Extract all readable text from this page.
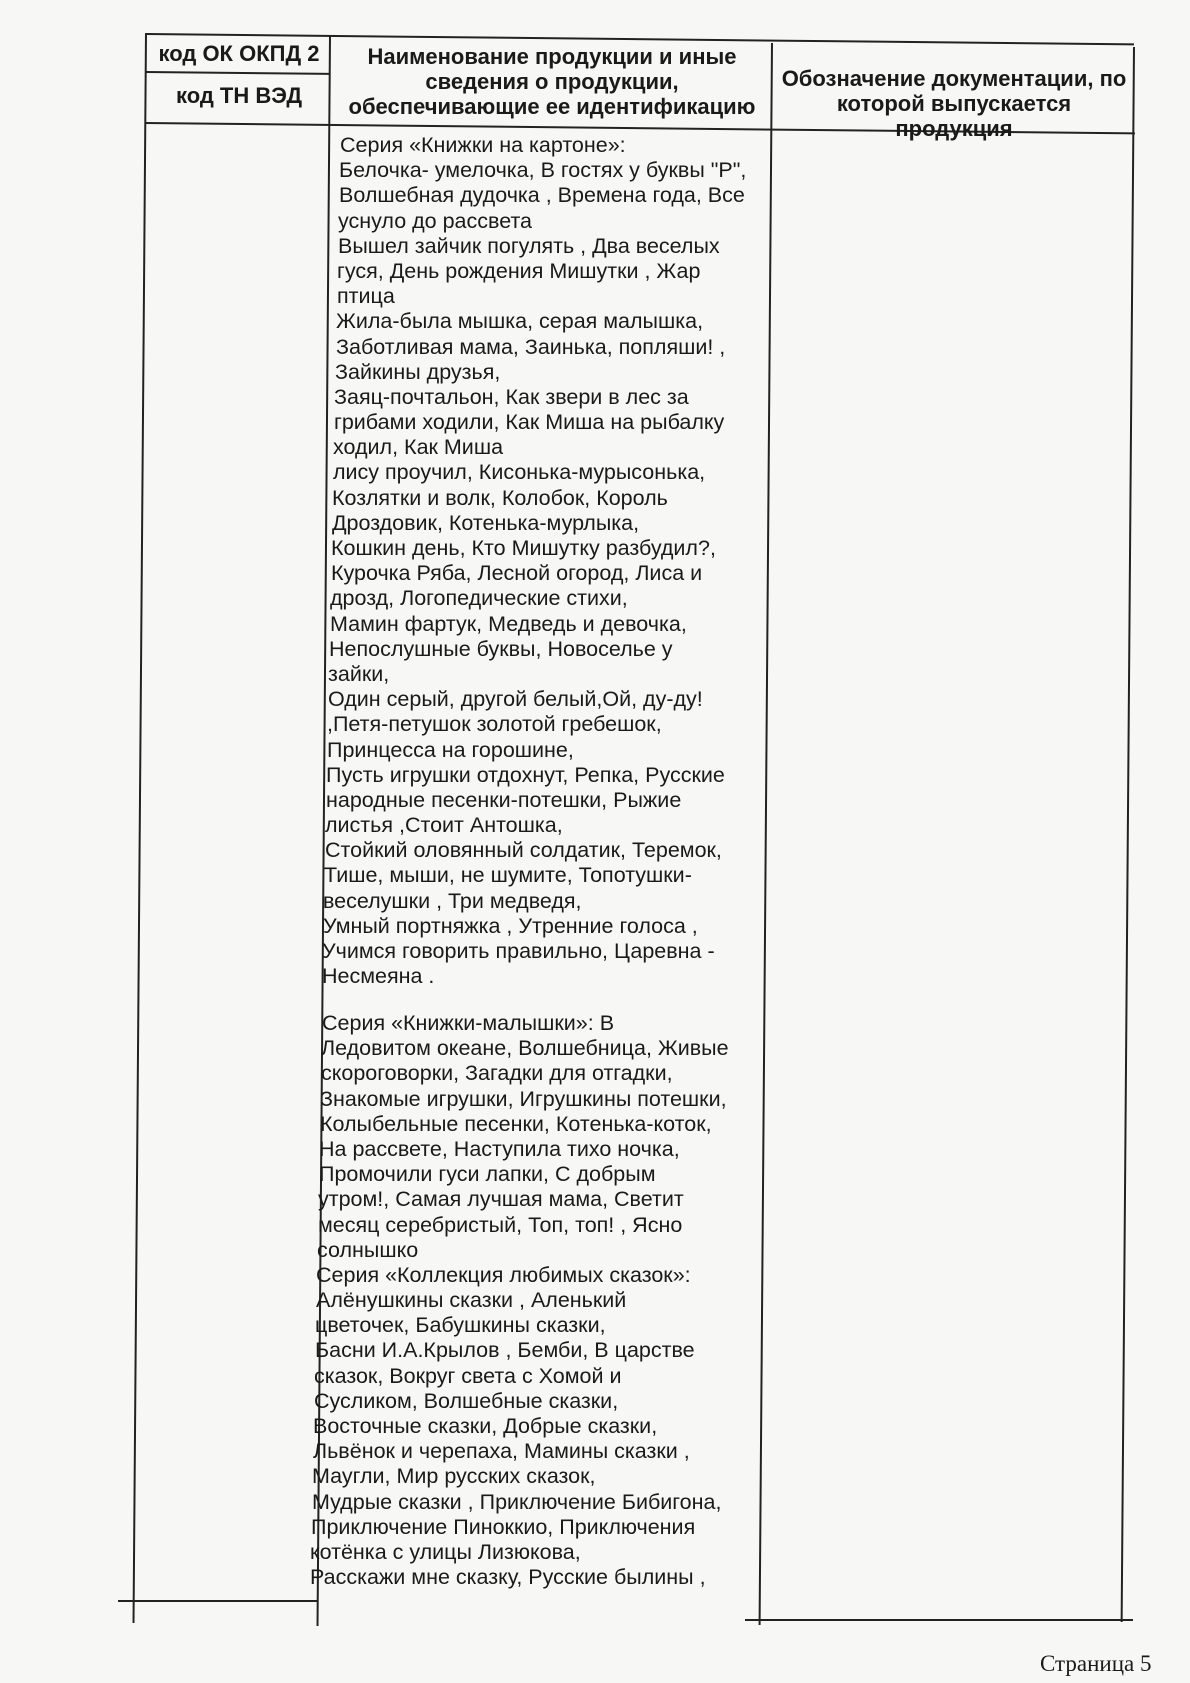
код ОК ОКПД 2
код ТН ВЭД
Наименование продукции и иные
сведения о продукции,
обеспечивающие ее идентификацию
Обозначение документации, по
которой выпускается продукция
Серия «Книжки на картоне»:
Белочка- умелочка, В гостях у буквы "Р",
Волшебная дудочка , Времена года, Все
уснуло до рассвета
Вышел зайчик погулять , Два веселых
гуся, День рождения Мишутки , Жар
птица
Жила-была мышка, серая малышка,
Заботливая мама, Заинька, попляши! ,
Зайкины друзья,
Заяц-почтальон, Как звери в лес за
грибами ходили, Как Миша на рыбалку
ходил, Как Миша
лису проучил, Кисонька-мурысонька,
Козлятки и волк, Колобок, Король
Дроздовик, Котенька-мурлыка,
Кошкин день, Кто Мишутку разбудил?,
Курочка Ряба, Лесной огород, Лиса и
дрозд, Логопедические стихи,
Мамин фартук, Медведь и девочка,
Непослушные буквы, Новоселье у
зайки,
Один серый, другой белый,Ой, ду-ду!
,Петя-петушок золотой гребешок,
Принцесса на горошине,
Пусть игрушки отдохнут, Репка, Русские
народные песенки-потешки, Рыжие
листья ,Стоит Антошка,
Стойкий оловянный солдатик, Теремок,
Тише, мыши, не шумите, Топотушки-
веселушки , Три медведя,
Умный портняжка , Утренние голоса ,
Учимся говорить правильно, Царевна -
Несмеяна .
Серия «Книжки-малышки»: В
Ледовитом океане, Волшебница, Живые
скороговорки, Загадки для отгадки,
Знакомые игрушки, Игрушкины потешки,
Колыбельные песенки, Котенька-коток,
На рассвете, Наступила тихо ночка,
Промочили гуси лапки, С добрым
утром!, Самая лучшая мама, Светит
месяц серебристый, Топ, топ! , Ясно
солнышко
Серия «Коллекция любимых сказок»:
Алёнушкины сказки , Аленький
цветочек, Бабушкины сказки,
Басни И.А.Крылов , Бемби, В царстве
сказок, Вокруг света с Хомой и
Сусликом, Волшебные сказки,
Восточные сказки, Добрые сказки,
Львёнок и черепаха, Мамины сказки ,
Маугли, Мир русских сказок,
Мудрые сказки , Приключение Бибигона,
Приключение Пиноккио, Приключения
котёнка с улицы Лизюкова,
Расскажи мне сказку, Русские былины ,
Страница 5
